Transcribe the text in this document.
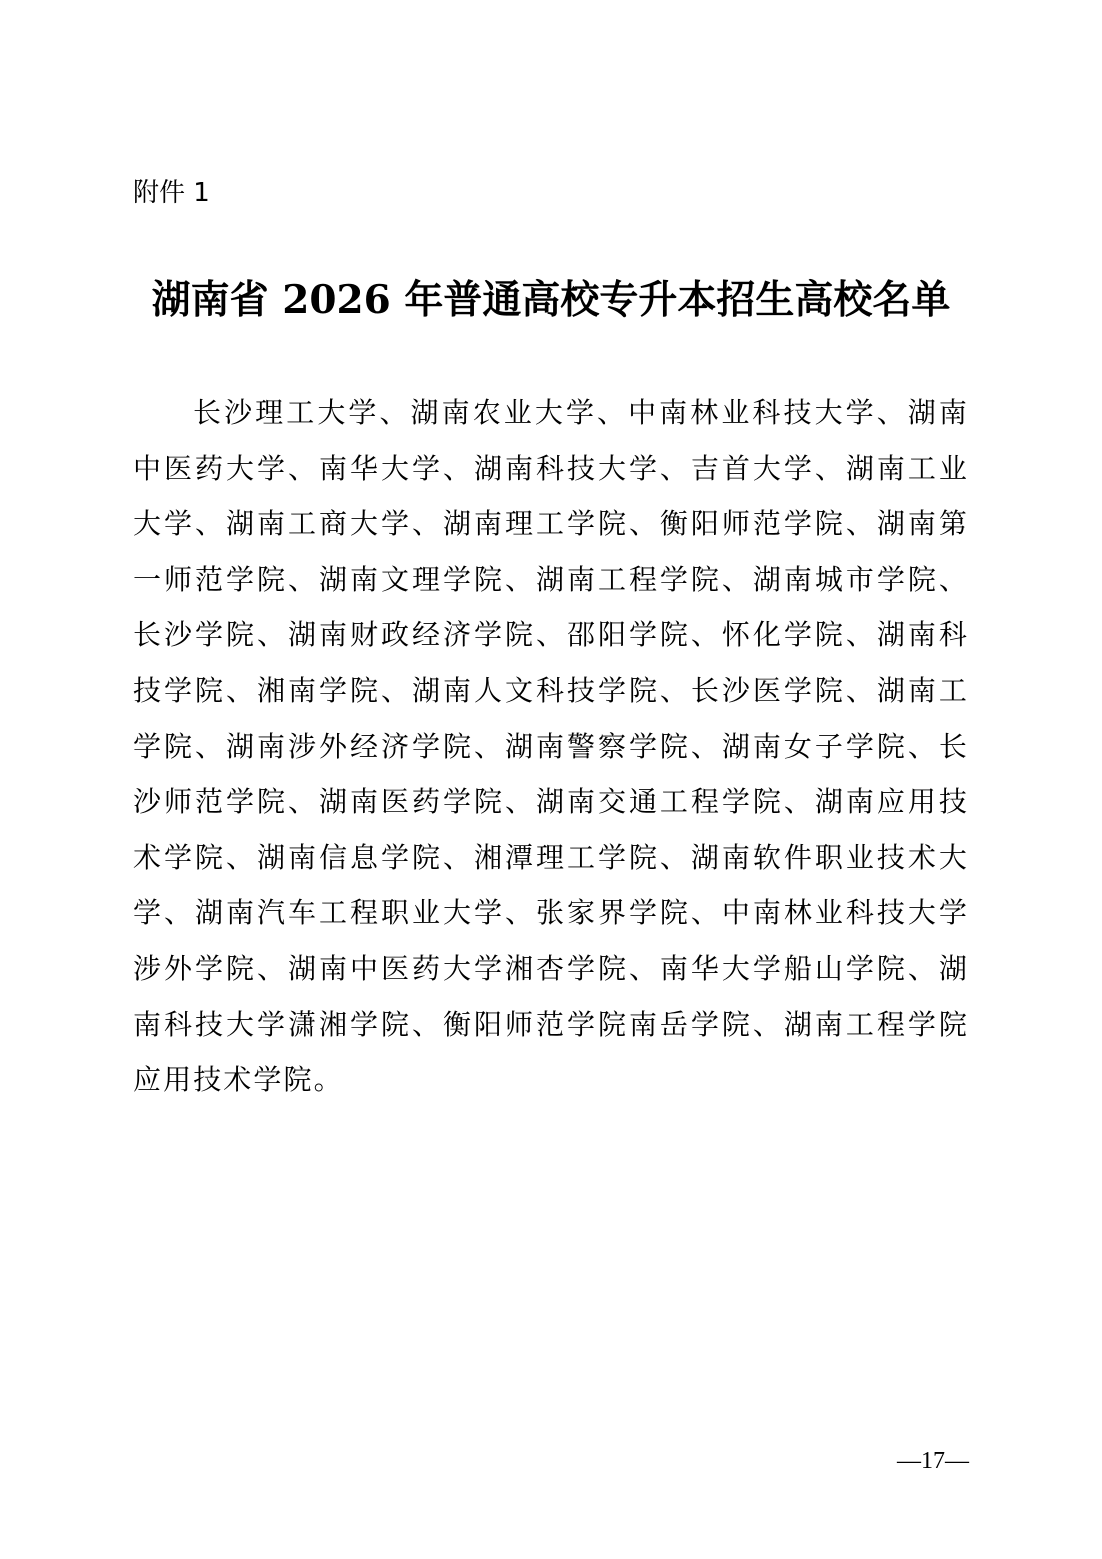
附件 1
湖南省 2026 年普通高校专升本招生高校名单
长沙理工大学、湖南农业大学、中南林业科技大学、湖南中医药大学、南华大学、湖南科技大学、吉首大学、湖南工业大学、湖南工商大学、湖南理工学院、衡阳师范学院、湖南第一师范学院、湖南文理学院、湖南工程学院、湖南城市学院、长沙学院、湖南财政经济学院、邵阳学院、怀化学院、湖南科技学院、湘南学院、湖南人文科技学院、长沙医学院、湖南工学院、湖南涉外经济学院、湖南警察学院、湖南女子学院、长沙师范学院、湖南医药学院、湖南交通工程学院、湖南应用技术学院、湖南信息学院、湘潭理工学院、湖南软件职业技术大学、湖南汽车工程职业大学、张家界学院、中南林业科技大学涉外学院、湖南中医药大学湘杏学院、南华大学船山学院、湖南科技大学潇湘学院、衡阳师范学院南岳学院、湖南工程学院应用技术学院。
—17—
